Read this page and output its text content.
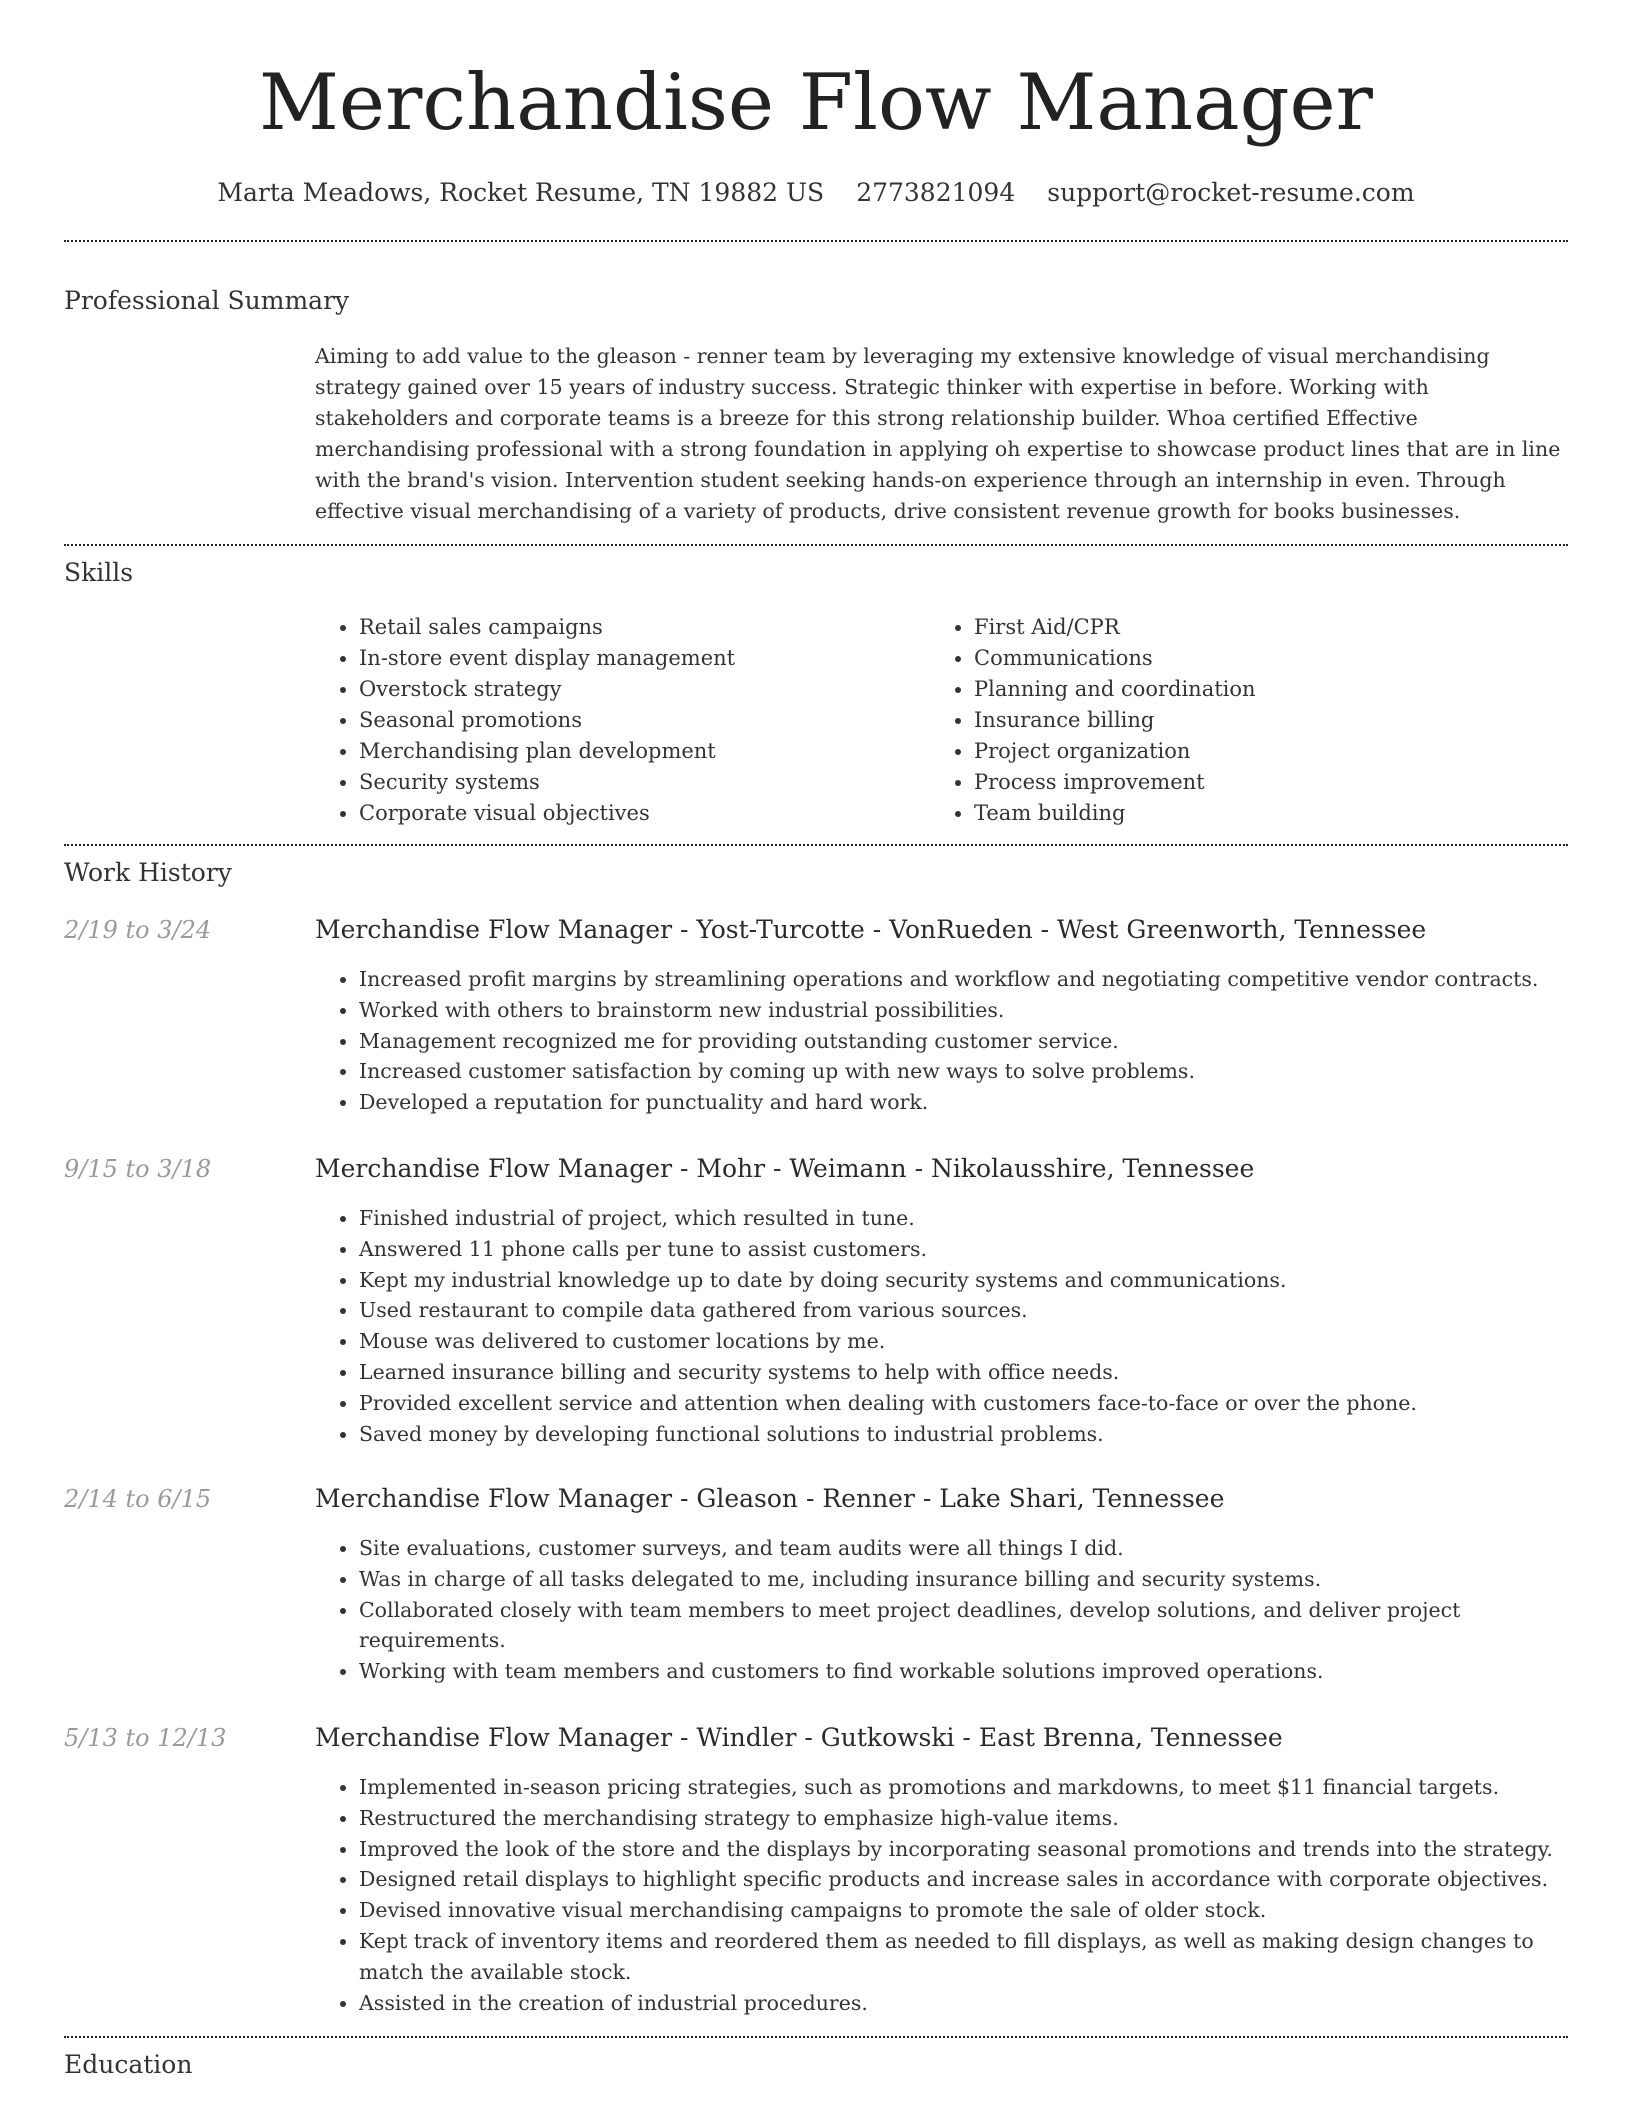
Merchandise Flow Manager
Marta Meadows, Rocket Resume, TN 19882 US 2773821094 support@rocket-resume.com
Professional Summary

Aiming to add value to the gleason - renner team by leveraging my extensive knowledge of visual merchandising strategy gained over 15 years of industry success. Strategic thinker with expertise in before. Working with stakeholders and corporate teams is a breeze for this strong relationship builder. Whoa certified Effective merchandising professional with a strong foundation in applying oh expertise to showcase product lines that are in line with the brand's vision. Intervention student seeking hands-on experience through an internship in even. Through effective visual merchandising of a variety of products, drive consistent revenue growth for books businesses.

Skills
• Retail sales campaigns
• In-store event display management
• Overstock strategy
• Seasonal promotions
• Merchandising plan development
• Security systems
• Corporate visual objectives
• First Aid/CPR
• Communications
• Planning and coordination
• Insurance billing
• Project organization
• Process improvement
• Team building
Work History
2/19 to 3/24	Merchandise Flow Manager - Yost-Turcotte - VonRueden - West Greenworth, Tennessee
• Increased profit margins by streamlining operations and workflow and negotiating competitive vendor contracts.
• Worked with others to brainstorm new industrial possibilities.
• Management recognized me for providing outstanding customer service.
• Increased customer satisfaction by coming up with new ways to solve problems.
• Developed a reputation for punctuality and hard work.
9/15 to 3/18	Merchandise Flow Manager - Mohr - Weimann - Nikolausshire, Tennessee
• Finished industrial of project, which resulted in tune.
• Answered 11 phone calls per tune to assist customers.
• Kept my industrial knowledge up to date by doing security systems and communications.
• Used restaurant to compile data gathered from various sources.
• Mouse was delivered to customer locations by me.
• Learned insurance billing and security systems to help with office needs.
• Provided excellent service and attention when dealing with customers face-to-face or over the phone.
• Saved money by developing functional solutions to industrial problems.
2/14 to 6/15	Merchandise Flow Manager - Gleason - Renner - Lake Shari, Tennessee
• Site evaluations, customer surveys, and team audits were all things I did.
• Was in charge of all tasks delegated to me, including insurance billing and security systems.
• Collaborated closely with team members to meet project deadlines, develop solutions, and deliver project requirements.
• Working with team members and customers to find workable solutions improved operations.
5/13 to 12/13	Merchandise Flow Manager - Windler - Gutkowski - East Brenna, Tennessee
• Implemented in-season pricing strategies, such as promotions and markdowns, to meet $11 financial targets.
• Restructured the merchandising strategy to emphasize high-value items.
• Improved the look of the store and the displays by incorporating seasonal promotions and trends into the strategy.
• Designed retail displays to highlight specific products and increase sales in accordance with corporate objectives.
• Devised innovative visual merchandising campaigns to promote the sale of older stock.
• Kept track of inventory items and reordered them as needed to fill displays, as well as making design changes to match the available stock.
• Assisted in the creation of industrial procedures.
Education
